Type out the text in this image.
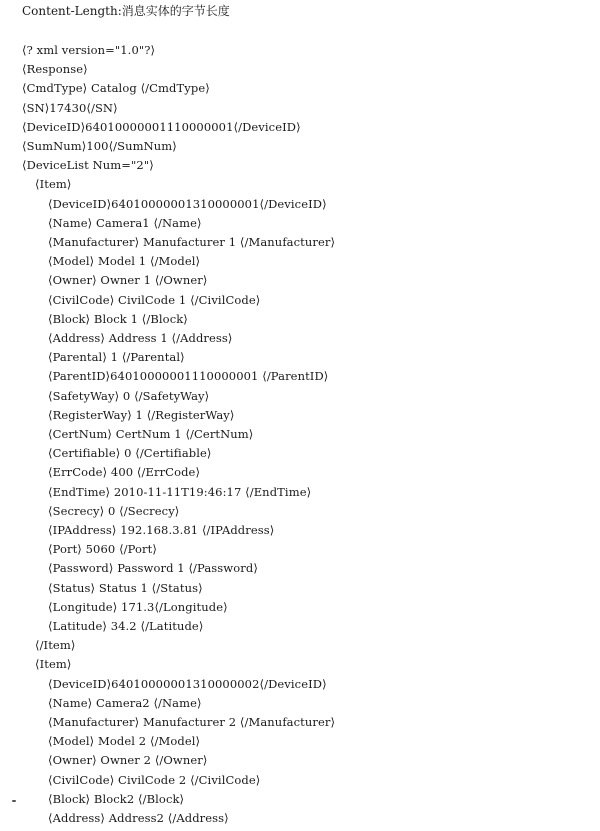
Content-Length:消息实体的字节长度
⟨? xml version="1.0"?⟩
⟨Response⟩
⟨CmdType⟩ Catalog ⟨/CmdType⟩
⟨SN⟩17430⟨/SN⟩
⟨DeviceID⟩64010000001110000001⟨/DeviceID⟩
⟨SumNum⟩100⟨/SumNum⟩
⟨DeviceList Num="2"⟩
⟨Item⟩
⟨DeviceID⟩64010000001310000001⟨/DeviceID⟩
⟨Name⟩ Camera1 ⟨/Name⟩
⟨Manufacturer⟩ Manufacturer 1 ⟨/Manufacturer⟩
⟨Model⟩ Model 1 ⟨/Model⟩
⟨Owner⟩ Owner 1 ⟨/Owner⟩
⟨CivilCode⟩ CivilCode 1 ⟨/CivilCode⟩
⟨Block⟩ Block 1 ⟨/Block⟩
⟨Address⟩ Address 1 ⟨/Address⟩
⟨Parental⟩ 1 ⟨/Parental⟩
⟨ParentID⟩64010000001110000001 ⟨/ParentID⟩
⟨SafetyWay⟩ 0 ⟨/SafetyWay⟩
⟨RegisterWay⟩ 1 ⟨/RegisterWay⟩
⟨CertNum⟩ CertNum 1 ⟨/CertNum⟩
⟨Certifiable⟩ 0 ⟨/Certifiable⟩
⟨ErrCode⟩ 400 ⟨/ErrCode⟩
⟨EndTime⟩ 2010-11-11T19:46:17 ⟨/EndTime⟩
⟨Secrecy⟩ 0 ⟨/Secrecy⟩
⟨IPAddress⟩ 192.168.3.81 ⟨/IPAddress⟩
⟨Port⟩ 5060 ⟨/Port⟩
⟨Password⟩ Password 1 ⟨/Password⟩
⟨Status⟩ Status 1 ⟨/Status⟩
⟨Longitude⟩ 171.3⟨/Longitude⟩
⟨Latitude⟩ 34.2 ⟨/Latitude⟩
⟨/Item⟩
⟨Item⟩
⟨DeviceID⟩64010000001310000002⟨/DeviceID⟩
⟨Name⟩ Camera2 ⟨/Name⟩
⟨Manufacturer⟩ Manufacturer 2 ⟨/Manufacturer⟩
⟨Model⟩ Model 2 ⟨/Model⟩
⟨Owner⟩ Owner 2 ⟨/Owner⟩
⟨CivilCode⟩ CivilCode 2 ⟨/CivilCode⟩
⟨Block⟩ Block2 ⟨/Block⟩
⟨Address⟩ Address2 ⟨/Address⟩
